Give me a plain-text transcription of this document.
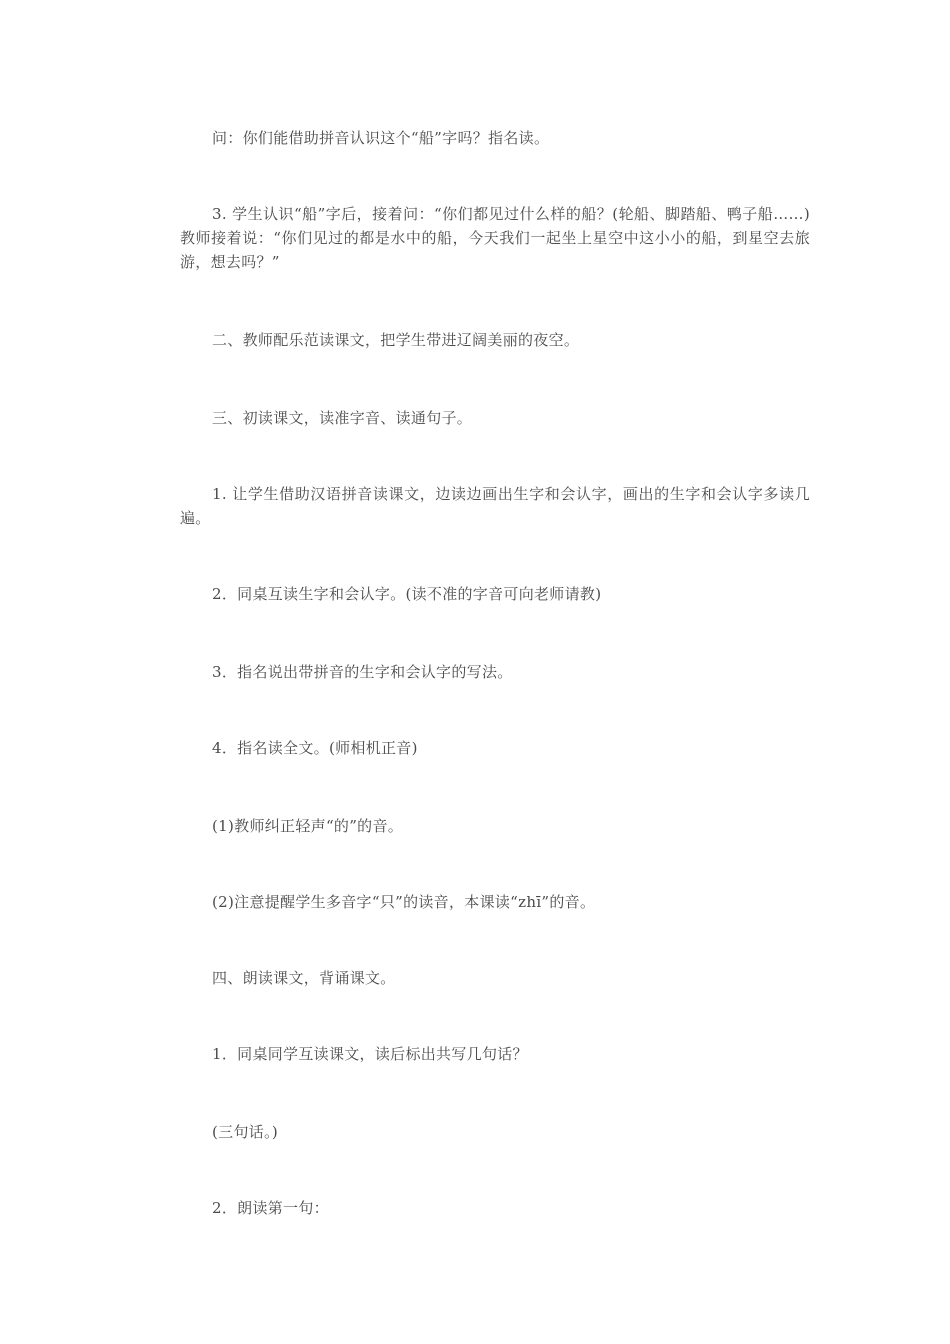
问：你们能借助拼音认识这个“船”字吗？指名读。

3. 学生认识“船”字后，接着问：“你们都见过什么样的船？(轮船、脚踏船、鸭子船……)教师接着说：“你们见过的都是水中的船，今天我们一起坐上星空中这小小的船，到星空去旅游，想去吗？”

二、教师配乐范读课文，把学生带进辽阔美丽的夜空。

三、初读课文，读准字音、读通句子。

1. 让学生借助汉语拼音读课文，边读边画出生字和会认字，画出的生字和会认字多读几遍。

2．同桌互读生字和会认字。(读不准的字音可向老师请教)

3．指名说出带拼音的生字和会认字的写法。

4．指名读全文。(师相机正音)

(1)教师纠正轻声“的”的音。

(2)注意提醒学生多音字“只”的读音，本课读“zhī”的音。

四、朗读课文，背诵课文。

1．同桌同学互读课文，读后标出共写几句话？

(三句话。)

2．朗读第一句：
